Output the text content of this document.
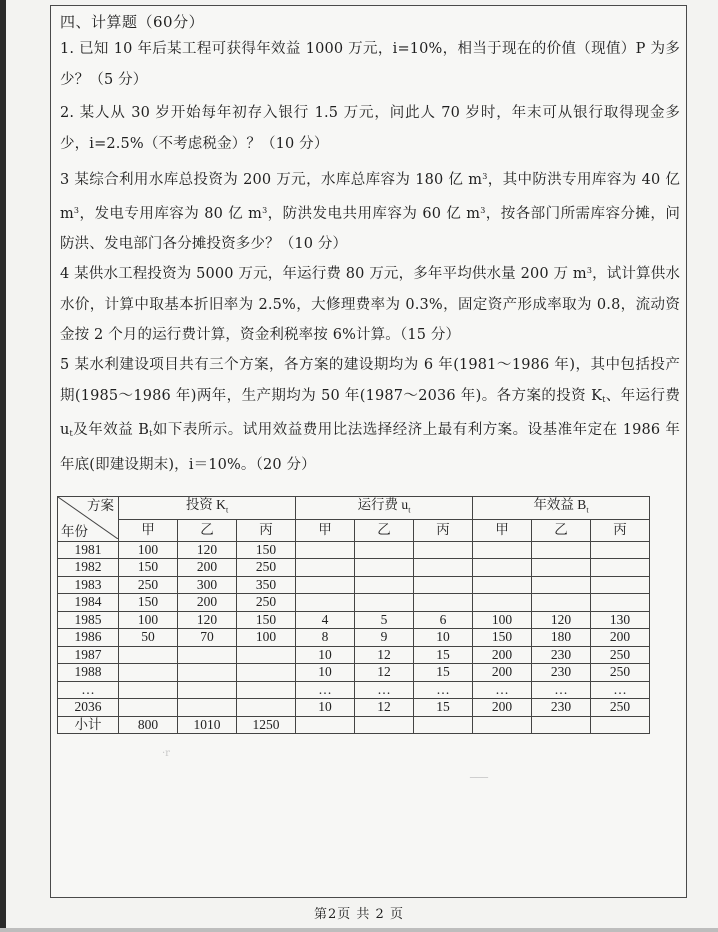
四、计算题（60分）
1. 已知 10 年后某工程可获得年效益 1000 万元，i=10%，相当于现在的价值（现值）P 为多少？（5 分）
2. 某人从 30 岁开始每年初存入银行 1.5 万元，问此人 70 岁时，年末可从银行取得现金多少，i=2.5%（不考虑税金）？（10 分）
3 某综合利用水库总投资为 200 万元，水库总库容为 180 亿 $m^3$，其中防洪专用库容为 40 亿 $m^3$，发电专用库容为 80 亿 $m^3$，防洪发电共用库容为 60 亿 $m^3$，按各部门所需库容分摊，问防洪、发电部门各分摊投资多少？（10 分）
4 某供水工程投资为 5000 万元，年运行费 80 万元，多年平均供水量 200 万 $m^3$，试计算供水水价，计算中取基本折旧率为 2.5%，大修理费率为 0.3%，固定资产形成率取为 0.8，流动资金按 2 个月的运行费计算，资金利税率按 6%计算。（15 分）
5 某水利建设项目共有三个方案，各方案的建设期均为 6 年(1981～1986 年)，其中包括投产期(1985～1986 年)两年，生产期均为 50 年(1987～2036 年)。各方案的投资 $K_t$、年运行费 $u_t$及年效益 $B_t$如下表所示。试用效益费用比法选择经济上最有利方案。设基准年定在 1986 年年底(即建设期末)，i＝10%。（20 分）
方案
年份	投资 $K_t$			运行费 $u_t$			年效益 $B_t$
	甲	乙	丙	甲	乙	丙	甲	乙	丙
1981	100	120	150						
1982	150	200	250						
1983	250	300	350						
1984	150	200	250						
1985	100	120	150	4	5	6	100	120	130
1986	50	70	100	8	9	10	150	180	200
1987				10	12	15	200	230	250
1988				10	12	15	200	230	250
…				…	…	…	…	…	…
2036				10	12	15	200	230	250
小计	800	1010	1250						
·r
───
第2页 共 2 页
